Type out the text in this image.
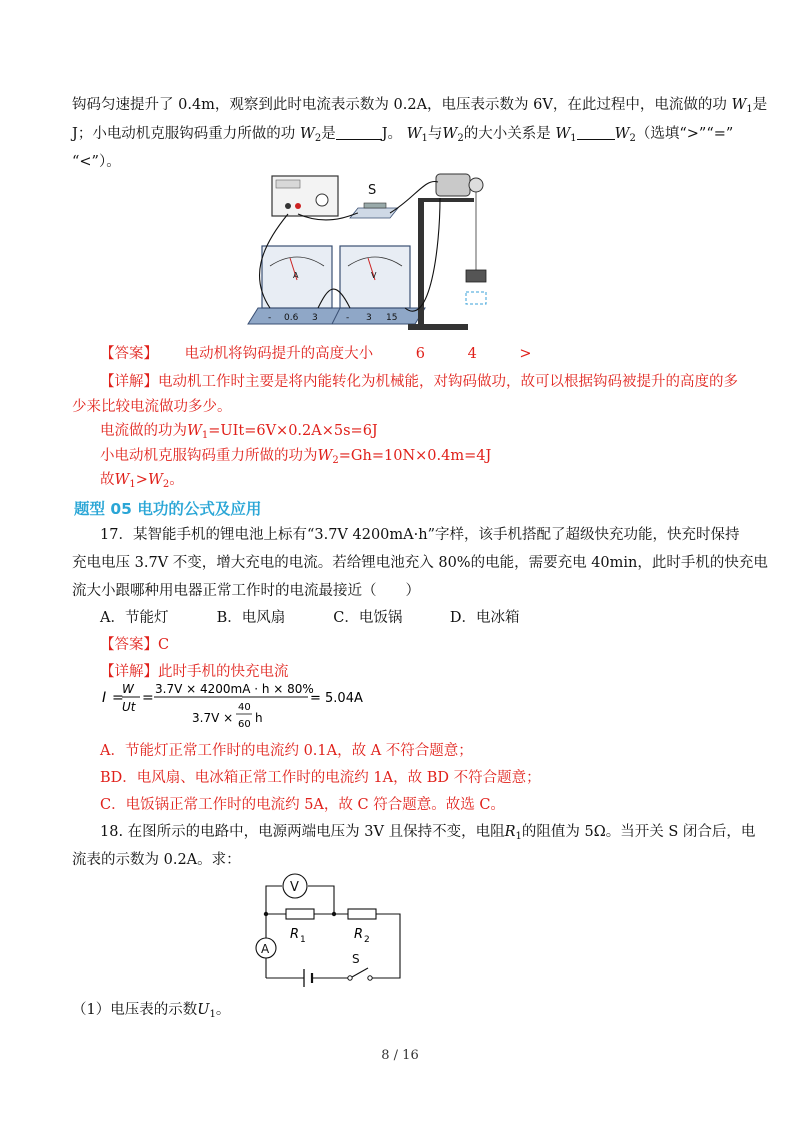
钩码匀速提升了 0.4m，观察到此时电流表示数为 0.2A，电压表示数为 6V，在此过程中，电流做的功 $W_1$是
J；小电动机克服钩码重力所做的功 $W_2$是	J。 $W_1$与$W_2$的大小关系是 $W_1$	$W_2$（选填“>”“=”
“<”）。
S
A
- 0.6 3
V
- 3 15
【答案】 电动机将钩码提升的高度大小	6	4	>
【详解】电动机工作时主要是将内能转化为机械能，对钩码做功，故可以根据钩码被提升的高度的多
少来比较电流做功多少。
电流做的功为$W_1=UIt=6V\times 0.2A\times 5s=6J$
小电动机克服钩码重力所做的功为$W_2=Gh=10N\times 0.4m=4J$
故$W_1>W_2$。
题型 05 电功的公式及应用
17．某智能手机的锂电池上标有“3.7V 4200mA·h”字样，该手机搭配了超级快充功能，快充时保持
充电电压 3.7V 不变，增大充电的电流。若给锂电池充入 80%的电能，需要充电 40min，此时手机的快充电
流大小跟哪种用电器正常工作时的电流最接近（　　）
A．节能灯	B．电风扇	C．电饭锅	D．电冰箱
【答案】C
【详解】此时手机的快充电流
I =
W
Ut
=
3.7V × 4200mA · h × 80%
3.7V ×
40
60 h
= 5.04A
A．节能灯正常工作时的电流约 0.1A，故 A 不符合题意；
BD．电风扇、电冰箱正常工作时的电流约 1A，故 BD 不符合题意；
C．电饭锅正常工作时的电流约 5A，故 C 符合题意。故选 C。
18. 在图所示的电路中，电源两端电压为 3V 且保持不变，电阻$R_1$的阻值为 5Ω。当开关 S 闭合后，电
流表的示数为 0.2A。求：
V
A
R 1	R 2
S
（1）电压表的示数$U_1$。
8 / 16
